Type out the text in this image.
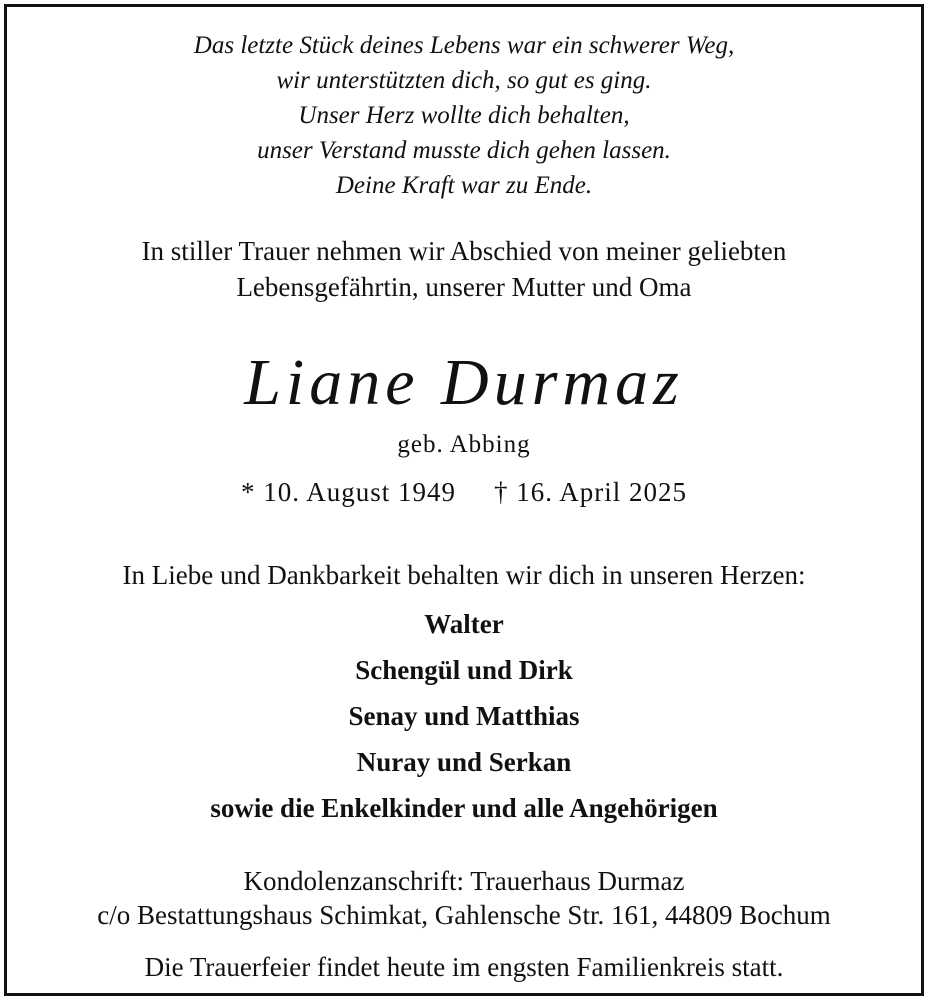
Das letzte Stück deines Lebens war ein schwerer Weg,
wir unterstützten dich, so gut es ging.
Unser Herz wollte dich behalten,
unser Verstand musste dich gehen lassen.
Deine Kraft war zu Ende.
In stiller Trauer nehmen wir Abschied von meiner geliebten
Lebensgefährtin, unserer Mutter und Oma
Liane Durmaz
geb. Abbing
* 10. August 1949 † 16. April 2025
In Liebe und Dankbarkeit behalten wir dich in unseren Herzen:
Walter
Schengül und Dirk
Senay und Matthias
Nuray und Serkan
sowie die Enkelkinder und alle Angehörigen
Kondolenzanschrift: Trauerhaus Durmaz
c/o Bestattungshaus Schimkat, Gahlensche Str. 161, 44809 Bochum
Die Trauerfeier findet heute im engsten Familienkreis statt.
